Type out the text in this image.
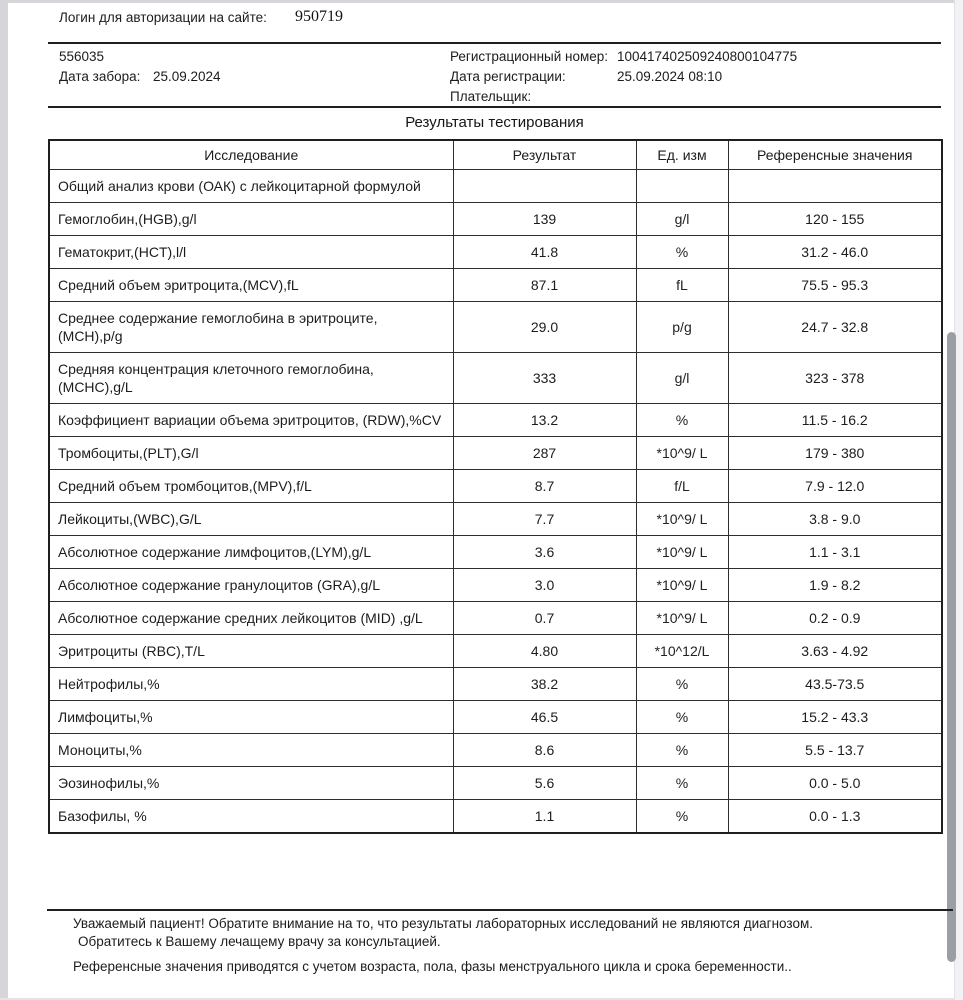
Логин для авторизации на сайте: 950719
556035
Дата забора: 25.09.2024
Регистрационный номер: 100417402509240800104775
Дата регистрации:	25.09.2024 08:10
Плательщик:
Результаты тестирования
Исследование	Результат	Ед. изм	Референсные значения
Общий анализ крови (ОАК) с лейкоцитарной формулой			
Гемоглобин,(HGB),g/l	139	g/l	120 - 155
Гематокрит,(HCT),l/l	41.8	%	31.2 - 46.0
Средний объем эритроцита,(MCV),fL	87.1	fL	75.5 - 95.3
Среднее содержание гемоглобина в эритроците, (MCH),p/g	29.0	p/g	24.7 - 32.8
Средняя концентрация клеточного гемоглобина, (MCHC),g/L	333	g/l	323 - 378
Коэффициент вариации объема эритроцитов, (RDW),%CV	13.2	%	11.5 - 16.2
Тромбоциты,(PLT),G/l	287	*10^9/ L	179 - 380
Средний объем тромбоцитов,(MPV),f/L	8.7	f/L	7.9 - 12.0
Лейкоциты,(WBC),G/L	7.7	*10^9/ L	3.8 - 9.0
Абсолютное содержание лимфоцитов,(LYM),g/L	3.6	*10^9/ L	1.1 - 3.1
Абсолютное содержание гранулоцитов (GRA),g/L	3.0	*10^9/ L	1.9 - 8.2
Абсолютное содержание средних лейкоцитов (MID) ,g/L	0.7	*10^9/ L	0.2 - 0.9
Эритроциты (RBC),T/L	4.80	*10^12/L	3.63 - 4.92
Нейтрофилы,%	38.2	%	43.5-73.5
Лимфоциты,%	46.5	%	15.2 - 43.3
Моноциты,%	8.6	%	5.5 - 13.7
Эозинофилы,%	5.6	%	0.0 - 5.0
Базофилы, %	1.1	%	0.0 - 1.3
Уважаемый пациент! Обратите внимание на то, что результаты лабораторных исследований не являются диагнозом.
Обратитесь к Вашему лечащему врачу за консультацией.
Референсные значения приводятся с учетом возраста, пола, фазы менструального цикла и срока беременности..
